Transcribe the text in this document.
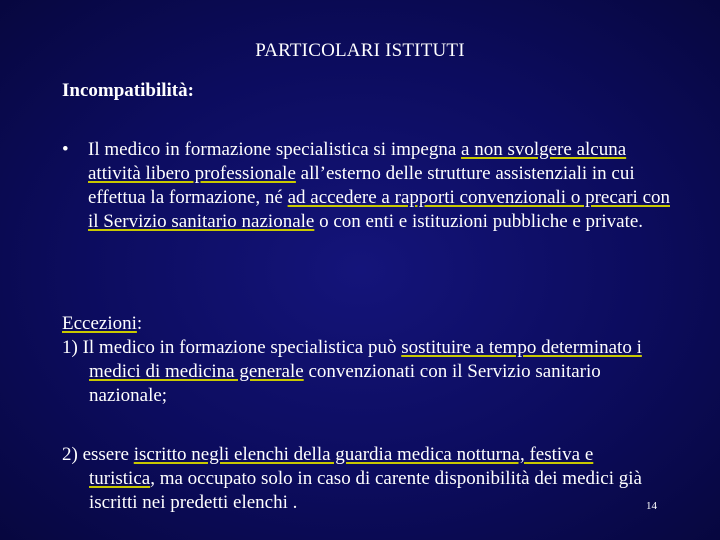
PARTICOLARI ISTITUTI
Incompatibilità:
• Il medico in formazione specialistica si impegna a non svolgere alcuna attività libero professionale all’esterno delle strutture assistenziali in cui effettua la formazione, né ad accedere a rapporti convenzionali o precari con il Servizio sanitario nazionale o con enti e istituzioni pubbliche e private.
Eccezioni:
1) Il medico in formazione specialistica può sostituire a tempo determinato i medici di medicina generale convenzionati con il Servizio sanitario nazionale;
2) essere iscritto negli elenchi della guardia medica notturna, festiva e turistica, ma occupato solo in caso di carente disponibilità dei medici già iscritti nei predetti elenchi .	14
